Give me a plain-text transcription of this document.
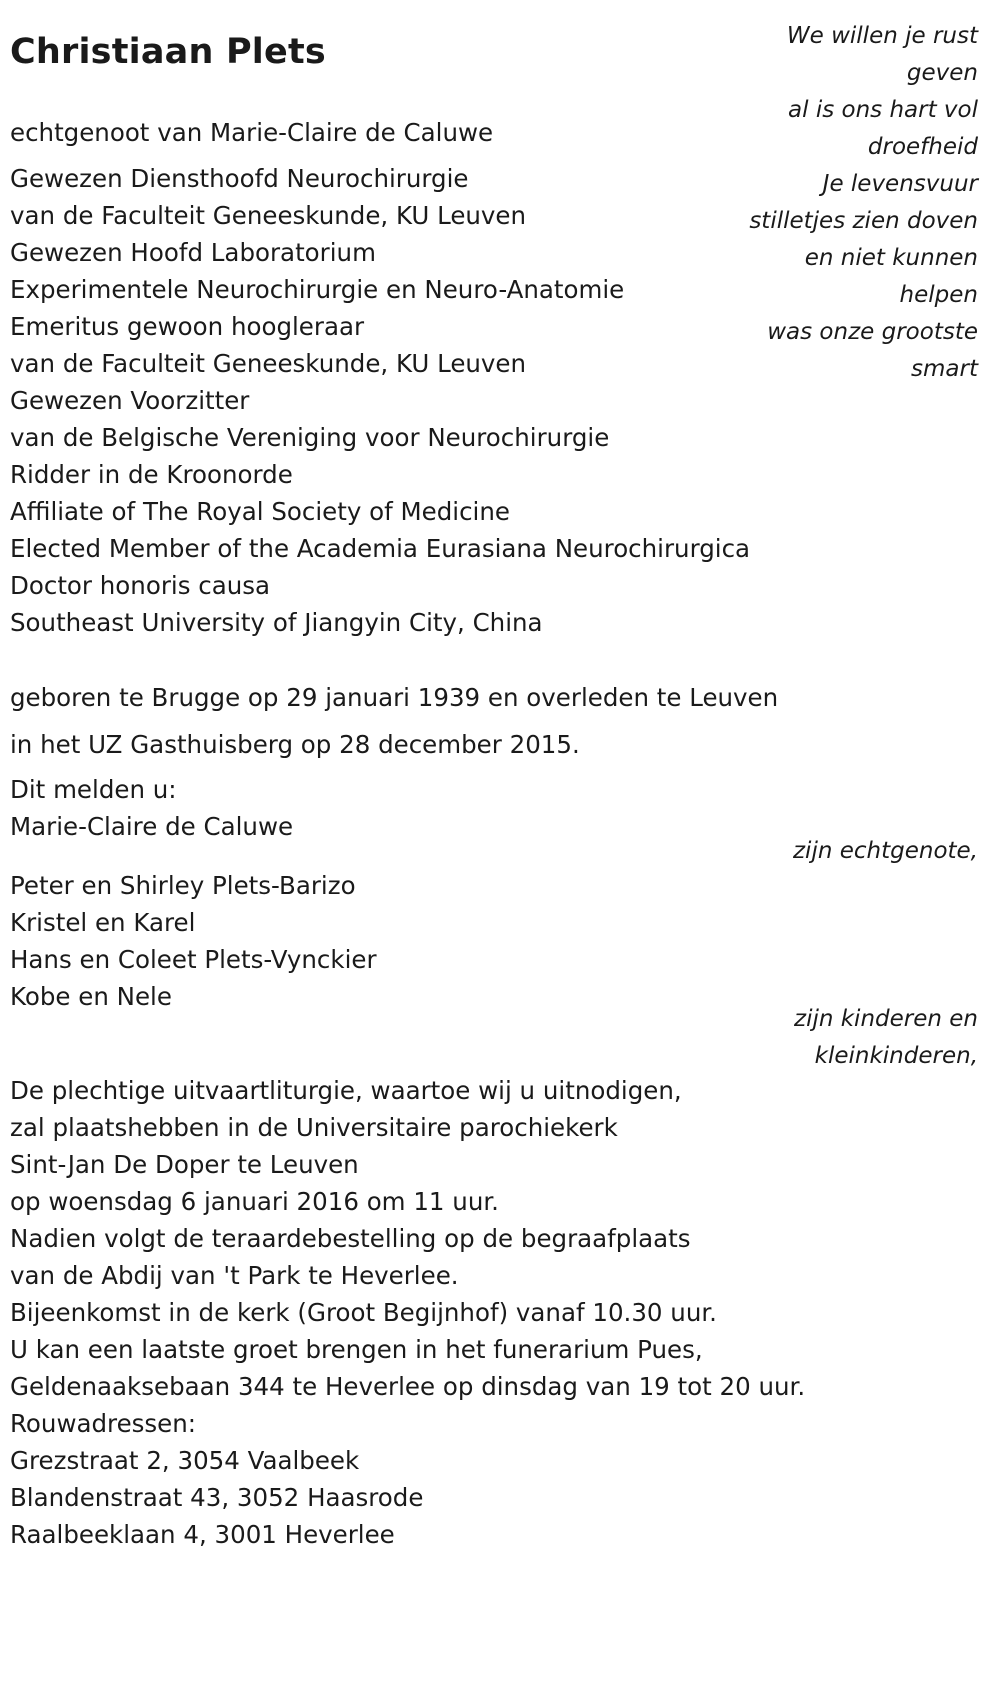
Christiaan Plets	We willen je rust
geven
al is ons hart vol
droefheid
Je levensvuur
stilletjes zien doven
en niet kunnen
helpen
was onze grootste
smart
echtgenoot van Marie-Claire de Caluwe
Gewezen Diensthoofd Neurochirurgie
van de Faculteit Geneeskunde, KU Leuven
Gewezen Hoofd Laboratorium
Experimentele Neurochirurgie en Neuro-Anatomie
Emeritus gewoon hoogleraar
van de Faculteit Geneeskunde, KU Leuven
Gewezen Voorzitter
van de Belgische Vereniging voor Neurochirurgie
Ridder in de Kroonorde
Affiliate of The Royal Society of Medicine
Elected Member of the Academia Eurasiana Neurochirurgica
Doctor honoris causa
Southeast University of Jiangyin City, China
geboren te Brugge op 29 januari 1939 en overleden te Leuven
in het UZ Gasthuisberg op 28 december 2015.
Dit melden u:
Marie-Claire de Caluwe
zijn echtgenote,
Peter en Shirley Plets-Barizo
Kristel en Karel
Hans en Coleet Plets-Vynckier
Kobe en Nele
zijn kinderen en
kleinkinderen,
De plechtige uitvaartliturgie, waartoe wij u uitnodigen,
zal plaatshebben in de Universitaire parochiekerk
Sint-Jan De Doper te Leuven
op woensdag 6 januari 2016 om 11 uur.
Nadien volgt de teraardebestelling op de begraafplaats
van de Abdij van 't Park te Heverlee.
Bijeenkomst in de kerk (Groot Begijnhof) vanaf 10.30 uur.
U kan een laatste groet brengen in het funerarium Pues,
Geldenaaksebaan 344 te Heverlee op dinsdag van 19 tot 20 uur.
Rouwadressen:
Grezstraat 2, 3054 Vaalbeek
Blandenstraat 43, 3052 Haasrode
Raalbeeklaan 4, 3001 Heverlee
